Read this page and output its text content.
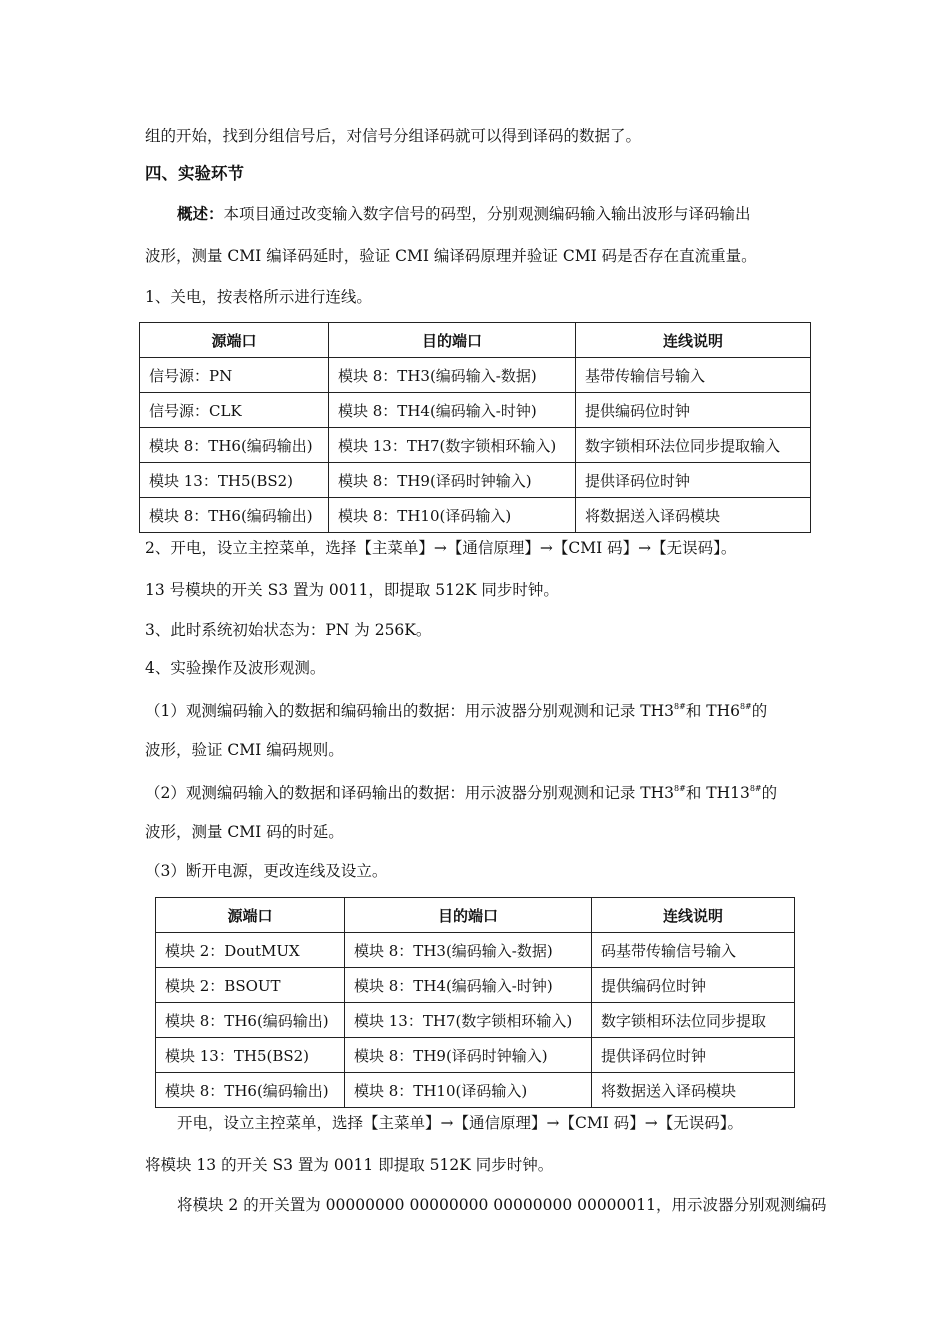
组的开始，找到分组信号后，对信号分组译码就可以得到译码的数据了。
四、实验环节
概述：本项目通过改变输入数字信号的码型，分别观测编码输入输出波形与译码输出
波形，测量 CMI 编译码延时，验证 CMI 编译码原理并验证 CMI 码是否存在直流重量。
1、关电，按表格所示进行连线。
源端口	目的端口	连线说明
信号源：PN	模块 8：TH3(编码输入-数据)	基带传输信号输入
信号源：CLK	模块 8：TH4(编码输入-时钟)	提供编码位时钟
模块 8：TH6(编码输出)	模块 13：TH7(数字锁相环输入)	数字锁相环法位同步提取输入
模块 13：TH5(BS2)	模块 8：TH9(译码时钟输入)	提供译码位时钟
模块 8：TH6(编码输出)	模块 8：TH10(译码输入)	将数据送入译码模块
2、开电，设立主控菜单，选择【主菜单】→【通信原理】→【CMI 码】→【无误码】。
13 号模块的开关 S3 置为 0011，即提取 512K 同步时钟。
3、此时系统初始状态为：PN 为 256K。
4、实验操作及波形观测。
（1）观测编码输入的数据和编码输出的数据：用示波器分别观测和记录 $TH3^{8\#}$和 $TH6^{8\#}$的
波形，验证 CMI 编码规则。
（2）观测编码输入的数据和译码输出的数据：用示波器分别观测和记录 $TH3^{8\#}$和 $TH13^{8\#}$的
波形，测量 CMI 码的时延。
（3）断开电源，更改连线及设立。
源端口	目的端口	连线说明
模块 2：DoutMUX	模块 8：TH3(编码输入-数据)	码基带传输信号输入
模块 2：BSOUT	模块 8：TH4(编码输入-时钟)	提供编码位时钟
模块 8：TH6(编码输出)	模块 13：TH7(数字锁相环输入)	数字锁相环法位同步提取
模块 13：TH5(BS2)	模块 8：TH9(译码时钟输入)	提供译码位时钟
模块 8：TH6(编码输出)	模块 8：TH10(译码输入)	将数据送入译码模块
开电，设立主控菜单，选择【主菜单】→【通信原理】→【CMI 码】→【无误码】。
将模块 13 的开关 S3 置为 0011 即提取 512K 同步时钟。
将模块 2 的开关置为 00000000 00000000 00000000 00000011，用示波器分别观测编码
